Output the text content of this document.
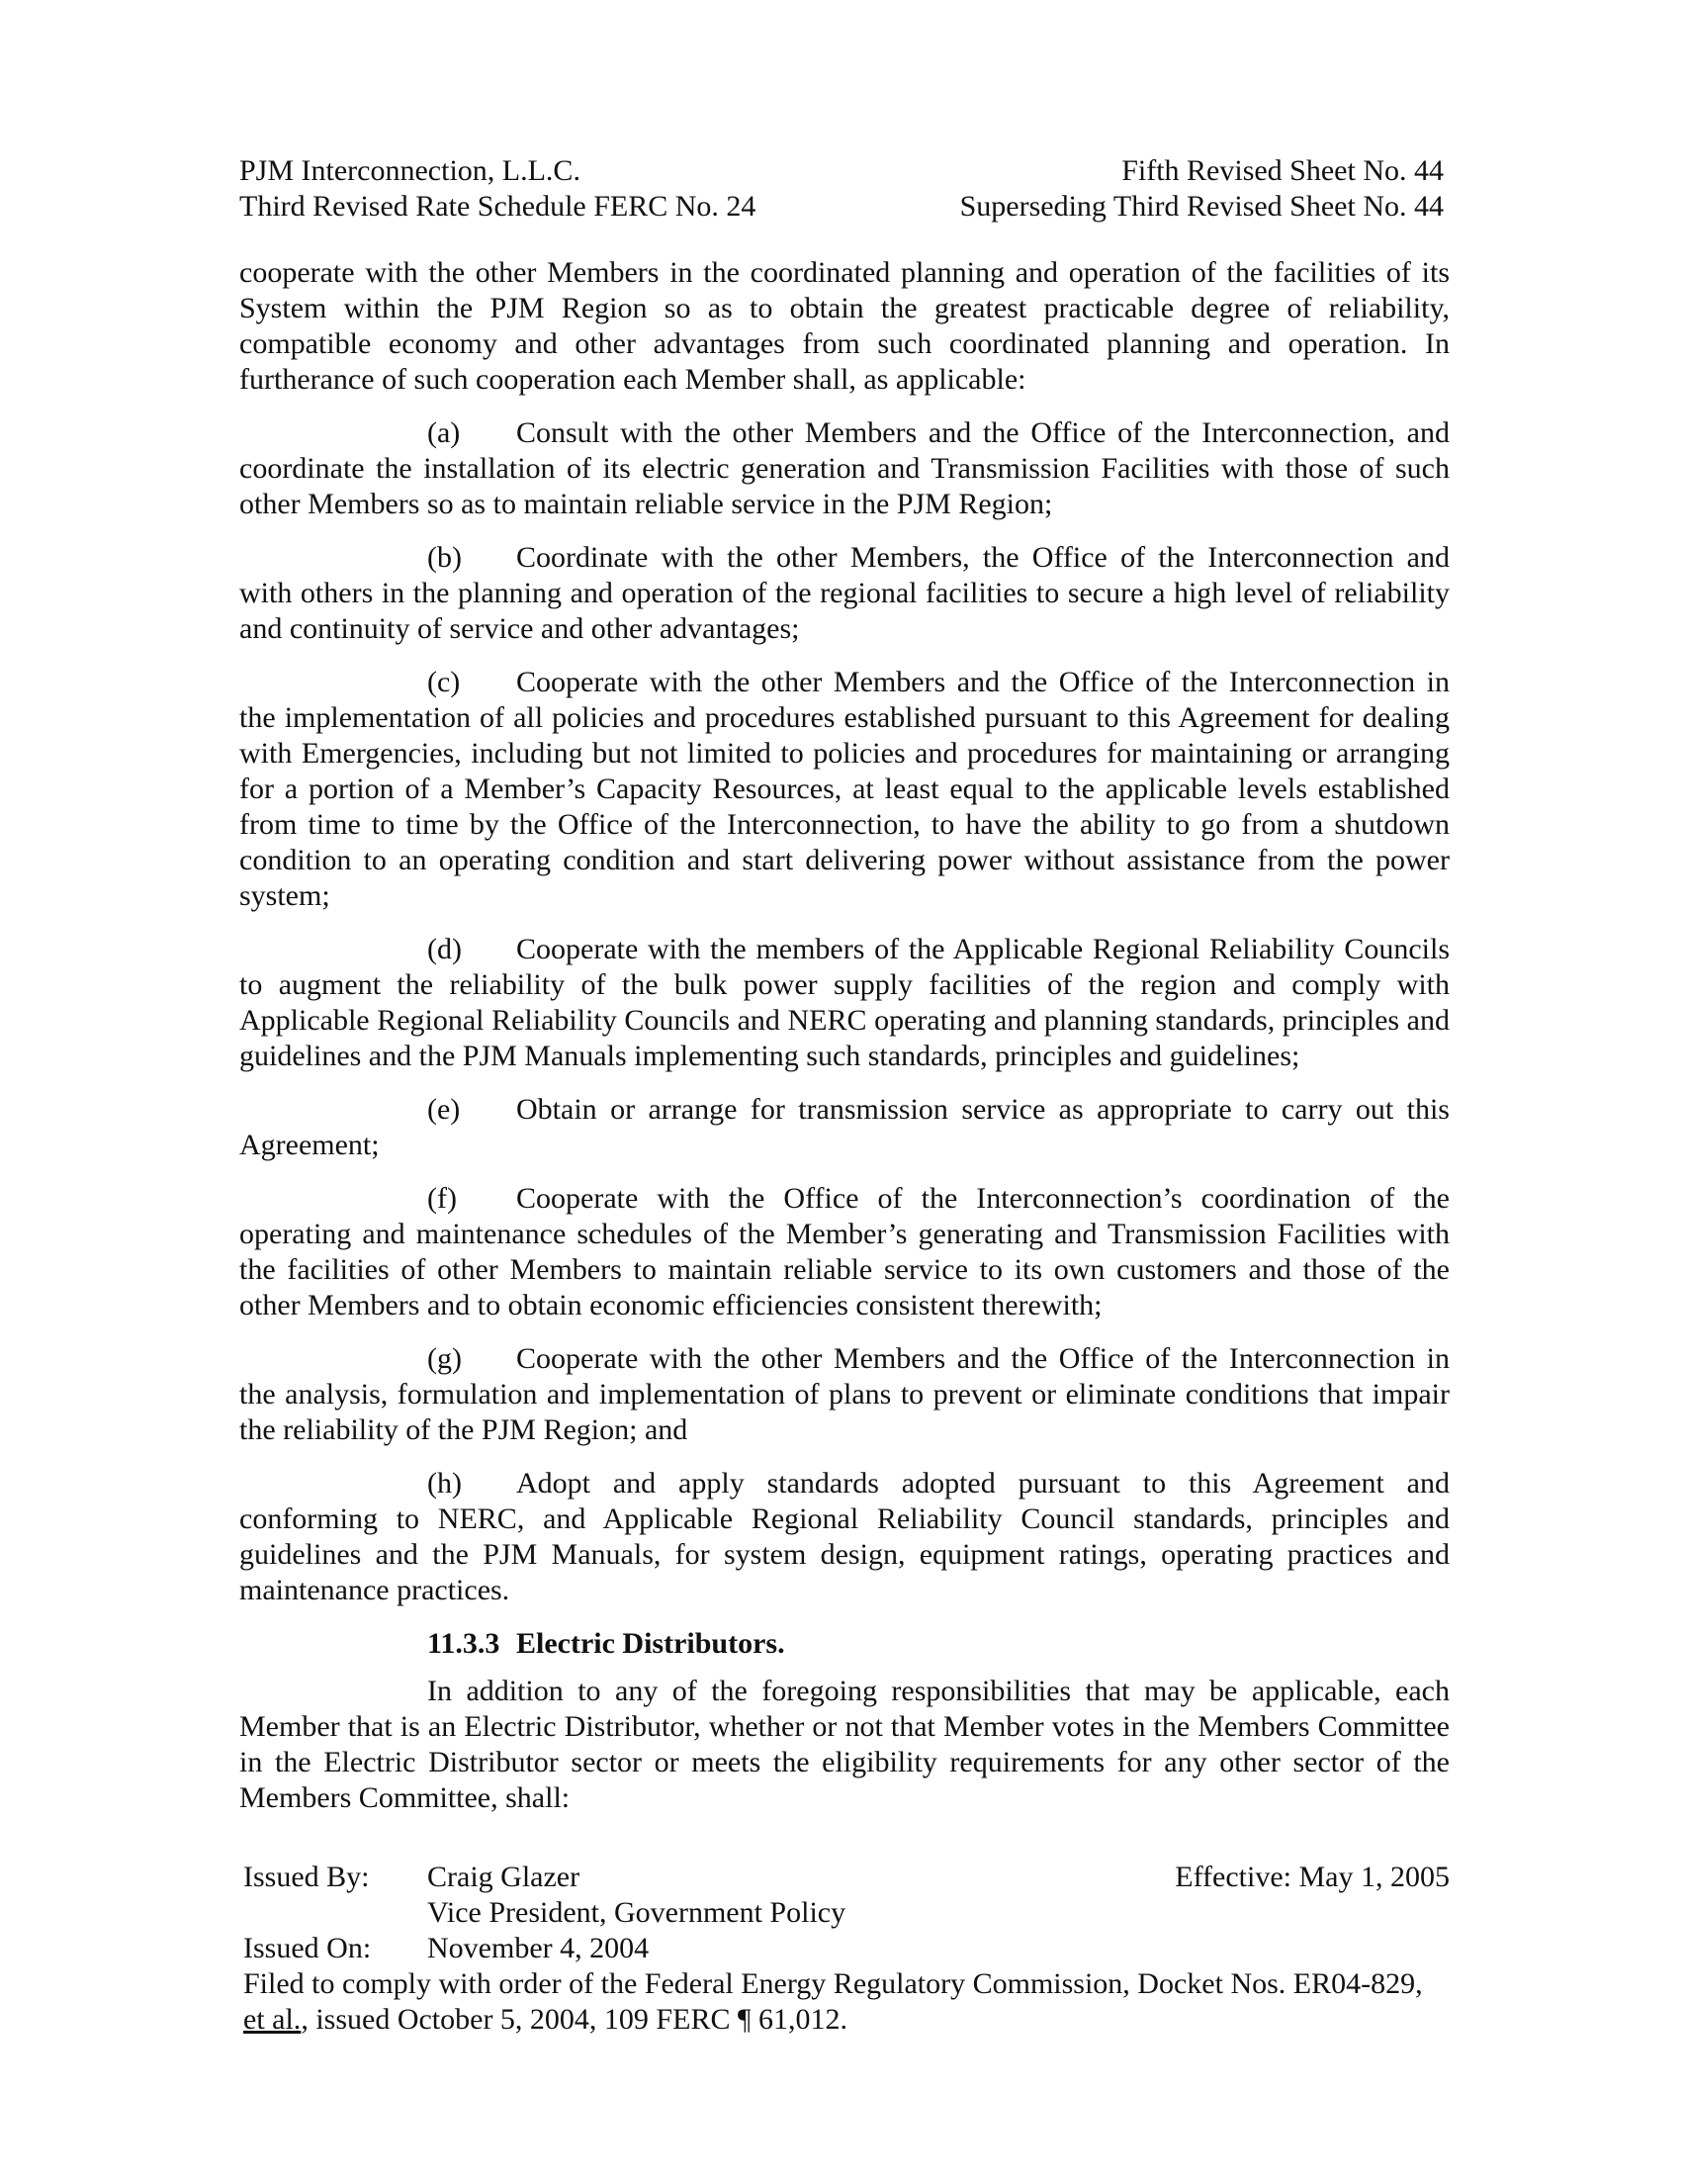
PJM Interconnection, L.L.C.	Fifth Revised Sheet No. 44
Third Revised Rate Schedule FERC No. 24	Superseding Third Revised Sheet No. 44

cooperate with the other Members in the coordinated planning and operation of the facilities of its System within the PJM Region so as to obtain the greatest practicable degree of reliability, compatible economy and other advantages from such coordinated planning and operation. In furtherance of such cooperation each Member shall, as applicable:

(a) Consult with the other Members and the Office of the Interconnection, and coordinate the installation of its electric generation and Transmission Facilities with those of such other Members so as to maintain reliable service in the PJM Region;

(b) Coordinate with the other Members, the Office of the Interconnection and with others in the planning and operation of the regional facilities to secure a high level of reliability and continuity of service and other advantages;

(c) Cooperate with the other Members and the Office of the Interconnection in the implementation of all policies and procedures established pursuant to this Agreement for dealing with Emergencies, including but not limited to policies and procedures for maintaining or arranging for a portion of a Member’s Capacity Resources, at least equal to the applicable levels established from time to time by the Office of the Interconnection, to have the ability to go from a shutdown condition to an operating condition and start delivering power without assistance from the power system;

(d) Cooperate with the members of the Applicable Regional Reliability Councils to augment the reliability of the bulk power supply facilities of the region and comply with Applicable Regional Reliability Councils and NERC operating and planning standards, principles and guidelines and the PJM Manuals implementing such standards, principles and guidelines;

(e) Obtain or arrange for transmission service as appropriate to carry out this

Agreement;

(f) Cooperate with the Office of the Interconnection’s coordination of the operating and maintenance schedules of the Member’s generating and Transmission Facilities with the facilities of other Members to maintain reliable service to its own customers and those of the other Members and to obtain economic efficiencies consistent therewith;

(g) Cooperate with the other Members and the Office of the Interconnection in the analysis, formulation and implementation of plans to prevent or eliminate conditions that impair the reliability of the PJM Region; and

(h) Adopt and apply standards adopted pursuant to this Agreement and conforming to NERC, and Applicable Regional Reliability Council standards, principles and guidelines and the PJM Manuals, for system design, equipment ratings, operating practices and maintenance practices.

11.3.3 Electric Distributors.

In addition to any of the foregoing responsibilities that may be applicable, each Member that is an Electric Distributor, whether or not that Member votes in the Members Committee in the Electric Distributor sector or meets the eligibility requirements for any other sector of the Members Committee, shall:

Issued By:	Craig Glazer	Effective: May 1, 2005
Vice President, Government Policy
Issued On:	November 4, 2004
Filed to comply with order of the Federal Energy Regulatory Commission, Docket Nos. ER04-829,
et al., issued October 5, 2004, 109 FERC ¶ 61,012.
